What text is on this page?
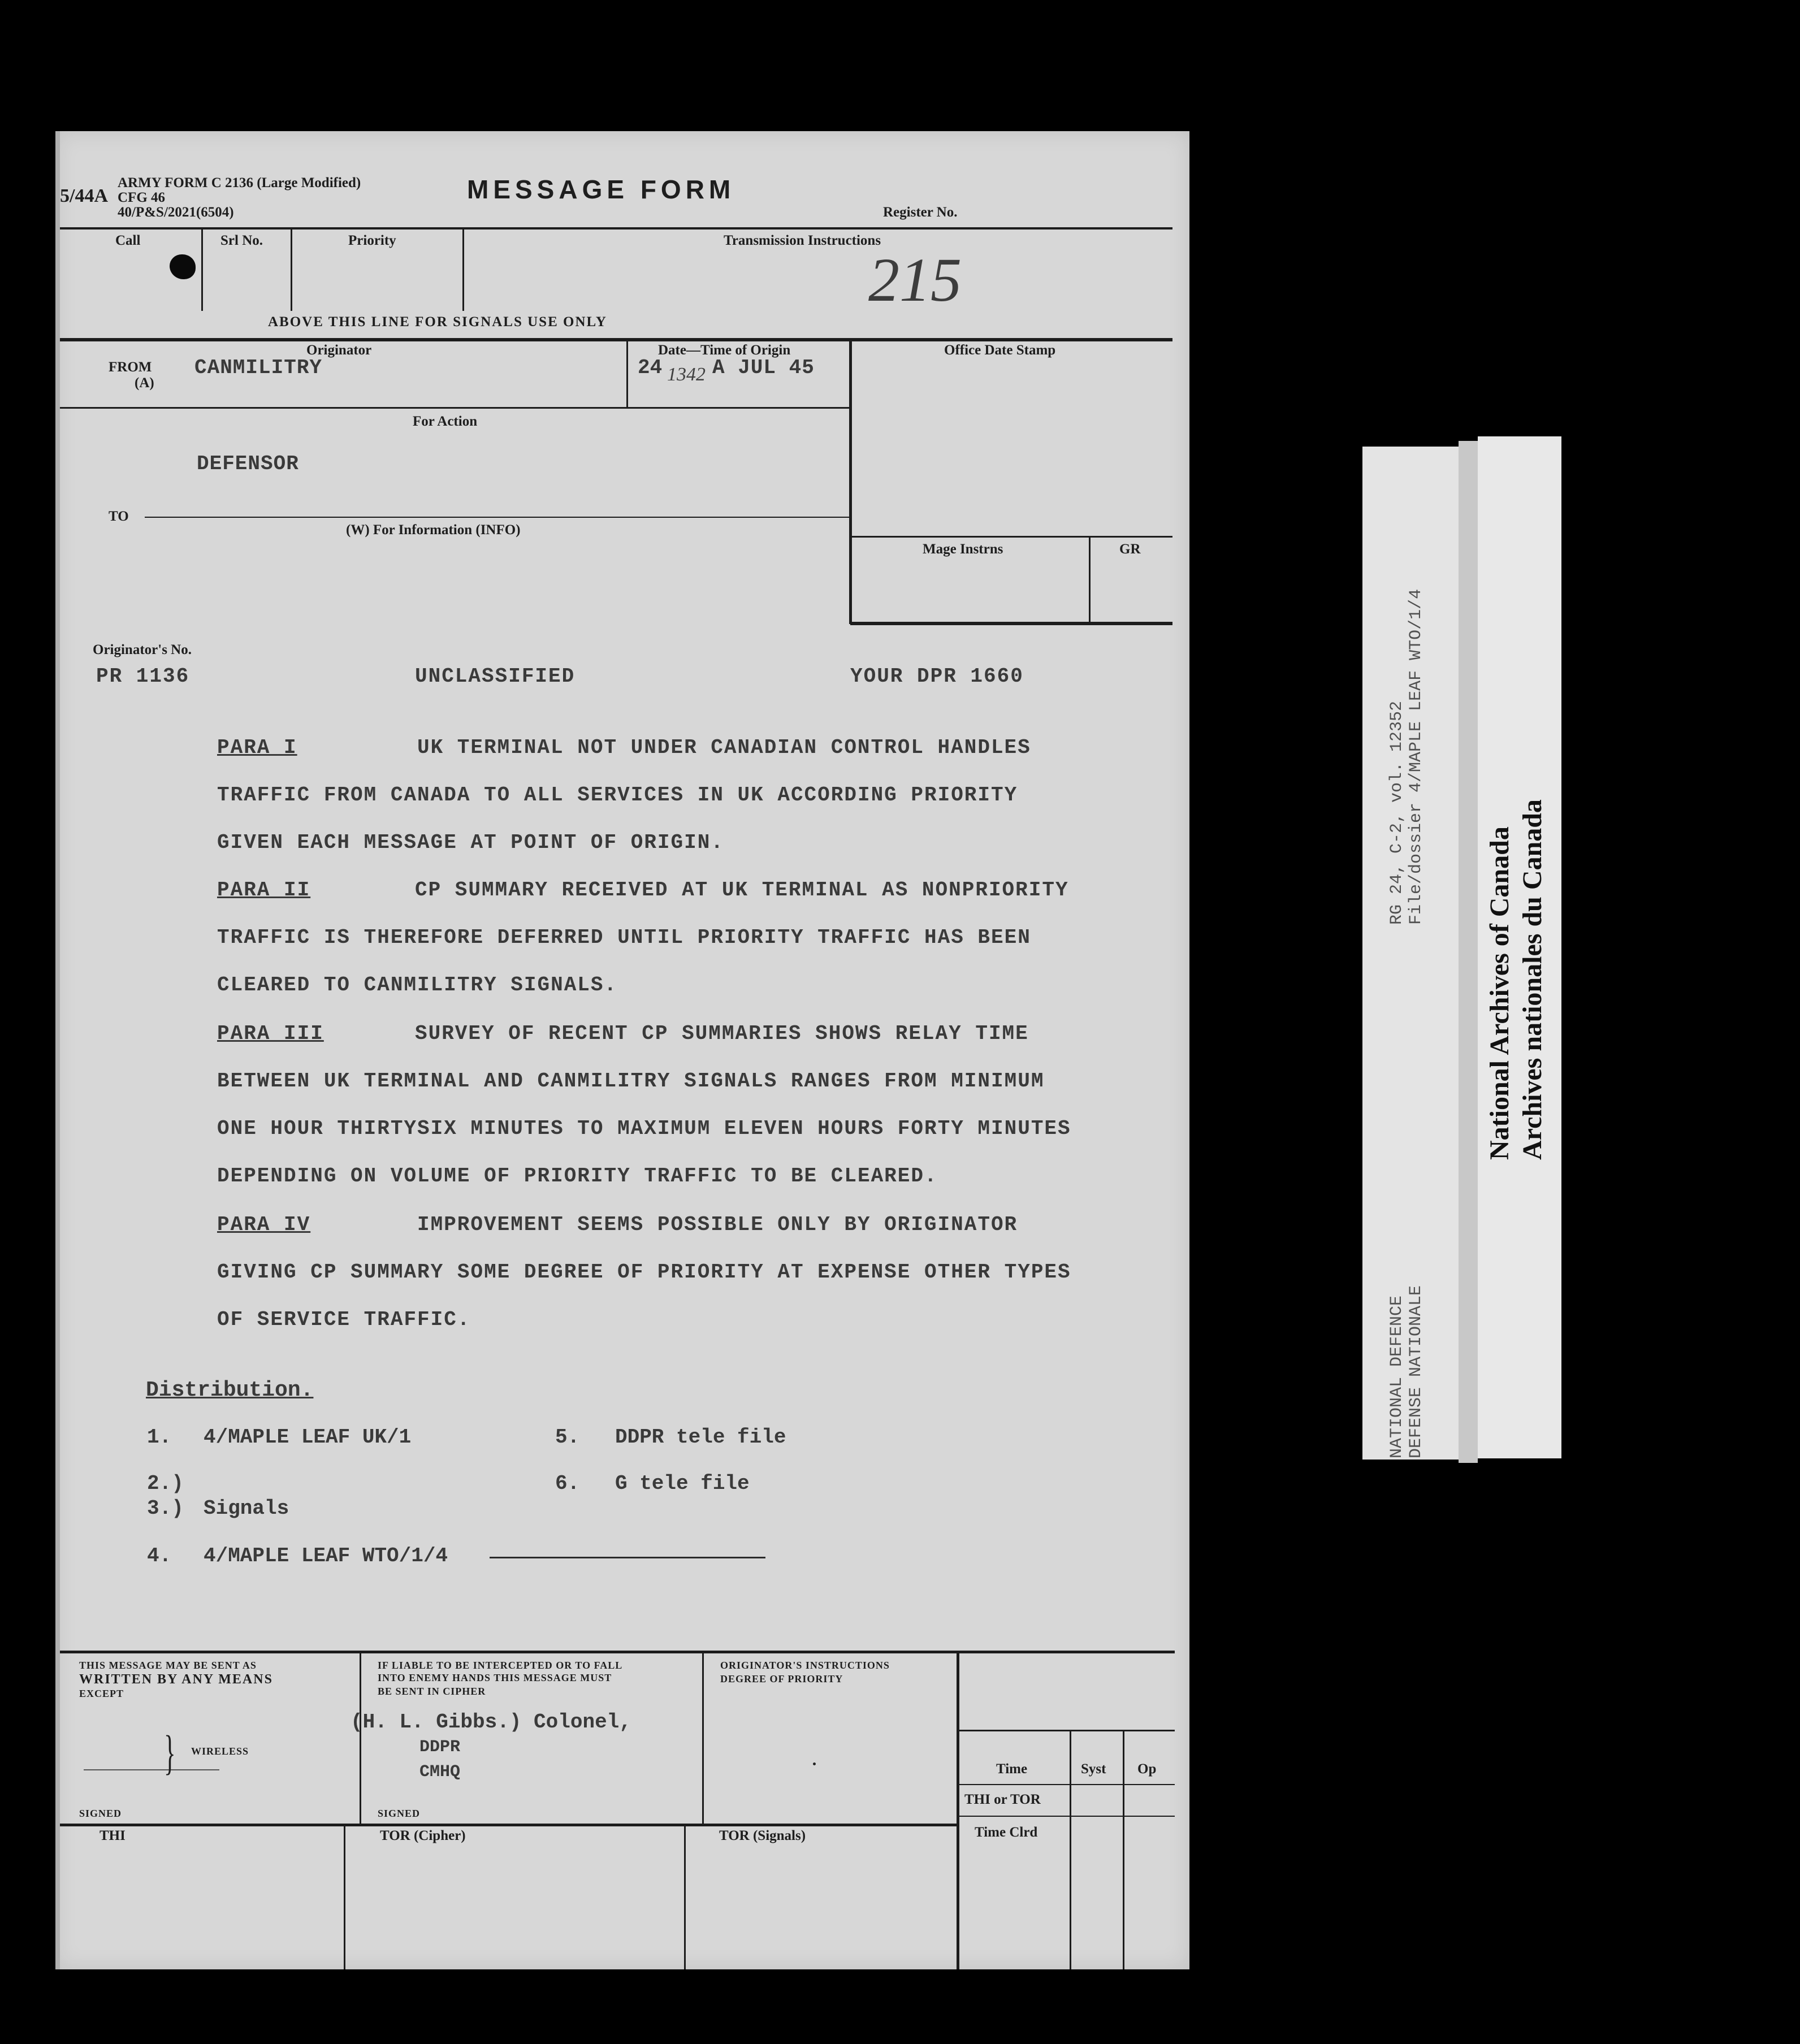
5/44A
ARMY FORM C 2136 (Large Modified)
CFG 46
40/P&S/2021(6504)
MESSAGE FORM
Register No.
215
Call	Srl No.	Priority	Transmission Instructions
ABOVE THIS LINE FOR SIGNALS USE ONLY
Originator
FROM
(A)
CANMILITRY
Date—Time of Origin
24 1342 A JUL 45
Office Date Stamp
For Action
DEFENSOR
TO
(W) For Information (INFO)
Mage Instrns	GR
Originator's No.
PR 1136	UNCLASSIFIED	YOUR DPR 1660
PARA I	UK TERMINAL NOT UNDER CANADIAN CONTROL HANDLES
TRAFFIC FROM CANADA TO ALL SERVICES IN UK ACCORDING PRIORITY
GIVEN EACH MESSAGE AT POINT OF ORIGIN.
PARA II	CP SUMMARY RECEIVED AT UK TERMINAL AS NONPRIORITY
TRAFFIC IS THEREFORE DEFERRED UNTIL PRIORITY TRAFFIC HAS BEEN
CLEARED TO CANMILITRY SIGNALS.
PARA III	SURVEY OF RECENT CP SUMMARIES SHOWS RELAY TIME
BETWEEN UK TERMINAL AND CANMILITRY SIGNALS RANGES FROM MINIMUM
ONE HOUR THIRTYSIX MINUTES TO MAXIMUM ELEVEN HOURS FORTY MINUTES
DEPENDING ON VOLUME OF PRIORITY TRAFFIC TO BE CLEARED.
PARA IV	IMPROVEMENT SEEMS POSSIBLE ONLY BY ORIGINATOR
GIVING CP SUMMARY SOME DEGREE OF PRIORITY AT EXPENSE OTHER TYPES
OF SERVICE TRAFFIC.
Distribution.
1. 4/MAPLE LEAF UK/1	5. DDPR tele file
2.)	6. G tele file
3.) Signals
4. 4/MAPLE LEAF WTO/1/4
THIS MESSAGE MAY BE SENT AS
WRITTEN BY ANY MEANS
EXCEPT
} WIRELESS
SIGNED
IF LIABLE TO BE INTERCEPTED OR TO FALL
INTO ENEMY HANDS THIS MESSAGE MUST
BE SENT IN CIPHER
(H. L. Gibbs.) Colonel,
DDPR
CMHQ
SIGNED
ORIGINATOR'S INSTRUCTIONS
DEGREE OF PRIORITY
Time	Syst Op
THI or TOR
Time Clrd
THI	TOR (Cipher)	TOR (Signals)
NATIONAL DEFENCE DEFENSE NATIONALE
RG 24, C-2, vol. 12352 File/dossier 4/MAPLE LEAF WTO/1/4
National Archives of Canada Archives nationales du Canada
